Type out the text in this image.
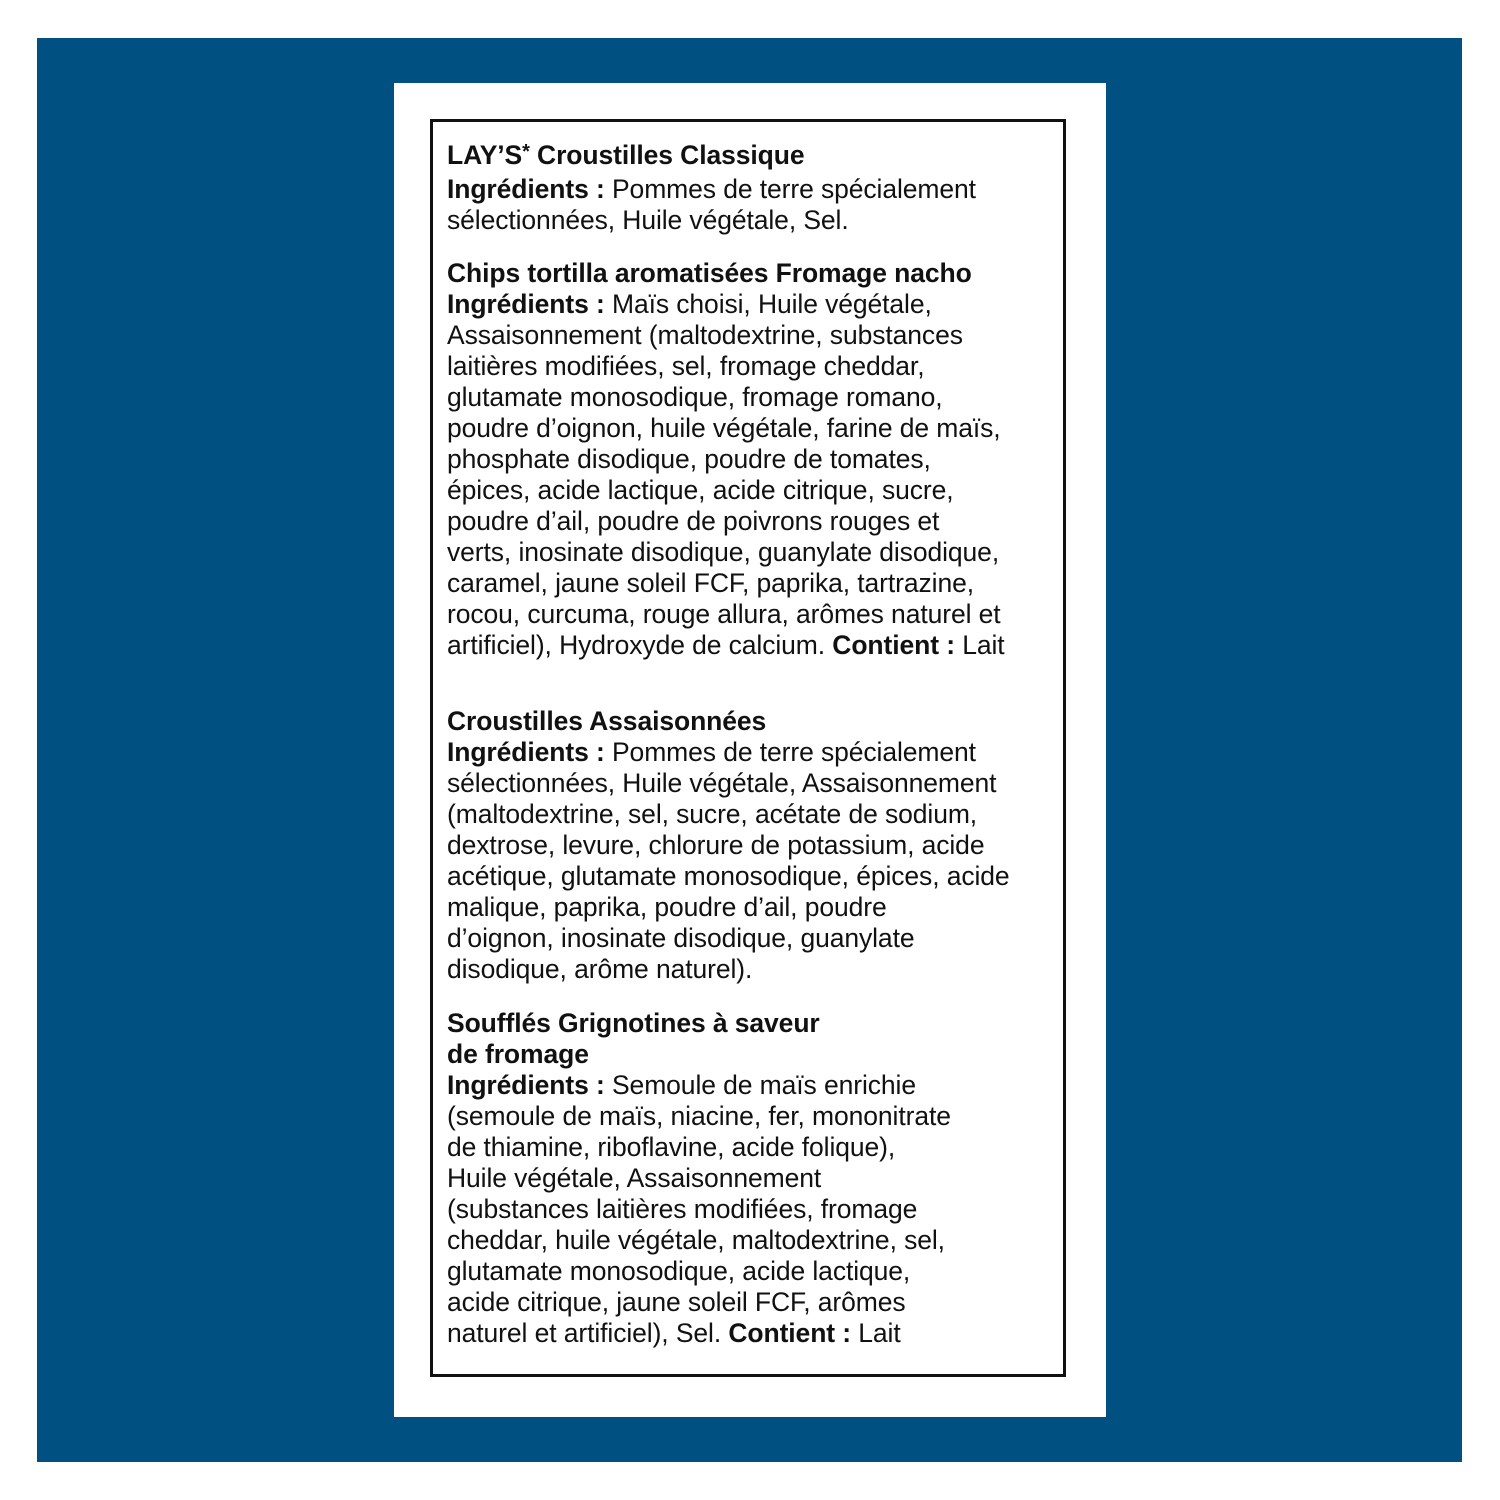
LAY’S* Croustilles Classique

Ingrédients : Pommes de terre spécialement
sélectionnées, Huile végétale, Sel.

Chips tortilla aromatisées Fromage nacho

Ingrédients : Maïs choisi, Huile végétale,
Assaisonnement (maltodextrine, substances
laitières modifiées, sel, fromage cheddar,
glutamate monosodique, fromage romano,
poudre d’oignon, huile végétale, farine de maïs,
phosphate disodique, poudre de tomates,
épices, acide lactique, acide citrique, sucre,
poudre d’ail, poudre de poivrons rouges et
verts, inosinate disodique, guanylate disodique,
caramel, jaune soleil FCF, paprika, tartrazine,
rocou, curcuma, rouge allura, arômes naturel et
artificiel), Hydroxyde de calcium. Contient : Lait

Croustilles Assaisonnées

Ingrédients : Pommes de terre spécialement
sélectionnées, Huile végétale, Assaisonnement
(maltodextrine, sel, sucre, acétate de sodium,
dextrose, levure, chlorure de potassium, acide
acétique, glutamate monosodique, épices, acide
malique, paprika, poudre d’ail, poudre
d’oignon, inosinate disodique, guanylate
disodique, arôme naturel).

Soufflés Grignotines à saveur
de fromage

Ingrédients : Semoule de maïs enrichie
(semoule de maïs, niacine, fer, mononitrate
de thiamine, riboflavine, acide folique),
Huile végétale, Assaisonnement
(substances laitières modifiées, fromage
cheddar, huile végétale, maltodextrine, sel,
glutamate monosodique, acide lactique,
acide citrique, jaune soleil FCF, arômes
naturel et artificiel), Sel. Contient : Lait
